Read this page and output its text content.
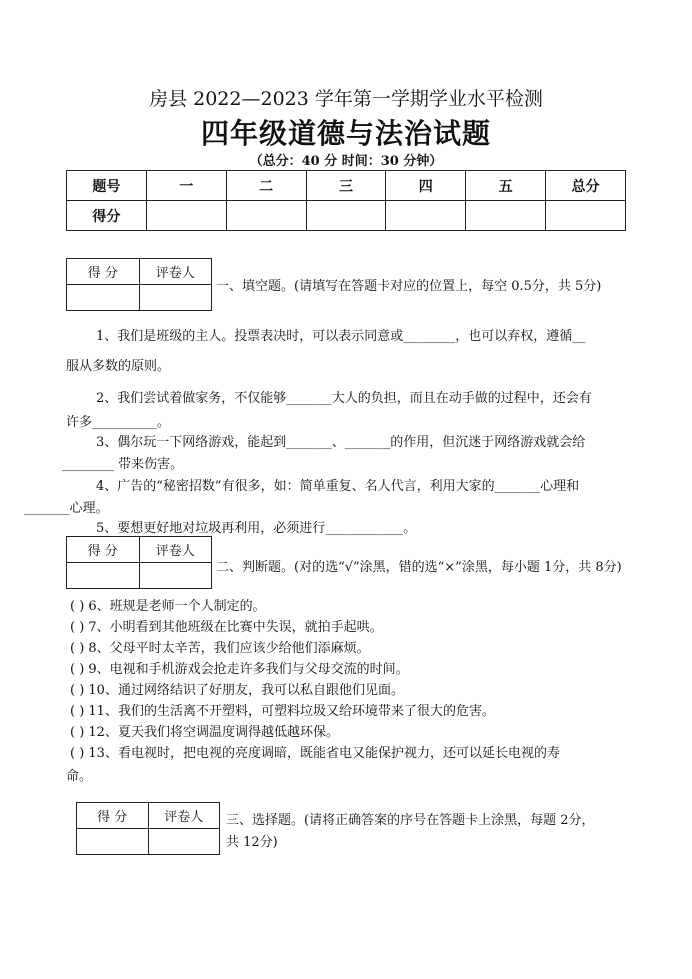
房县 2022—2023 学年第一学期学业水平检测
四年级道德与法治试题
（总分：40 分 时间：30 分钟）
题号	一	二	三	四	五	总分
得分						
得 分	评卷人

一、填空题。(请填写在答题卡对应的位置上，每空 0.5分，共 5分)
1、我们是班级的主人。投票表决时，可以表示同意或________，也可以弃权，遵循__
服从多数的原则。
2、我们尝试着做家务，不仅能够_______大人的负担，而且在动手做的过程中，还会有
许多__________。
3、偶尔玩一下网络游戏，能起到_______、_______的作用，但沉迷于网络游戏就会给
________ 带来伤害。
4、广告的“秘密招数”有很多，如：简单重复、名人代言，利用大家的_______心理和
_______心理。
5、要想更好地对垃圾再利用，必须进行____________。
得 分	评卷人

二、判断题。(对的选“√”涂黑，错的选“×”涂黑，每小题 1分，共 8分)
( ) 6、班规是老师一个人制定的。
( ) 7、小明看到其他班级在比赛中失误，就拍手起哄。
( ) 8、父母平时太辛苦，我们应该少给他们添麻烦。
( ) 9、电视和手机游戏会抢走许多我们与父母交流的时间。
( ) 10、通过网络结识了好朋友，我可以私自跟他们见面。
( ) 11、我们的生活离不开塑料，可塑料垃圾又给环境带来了很大的危害。
( ) 12、夏天我们将空调温度调得越低越环保。
( ) 13、看电视时，把电视的亮度调暗，既能省电又能保护视力，还可以延长电视的寿
命。
得 分	评卷人
	三、选择题。(请将正确答案的序号在答题卡上涂黑，每题 2分，
共 12分)
